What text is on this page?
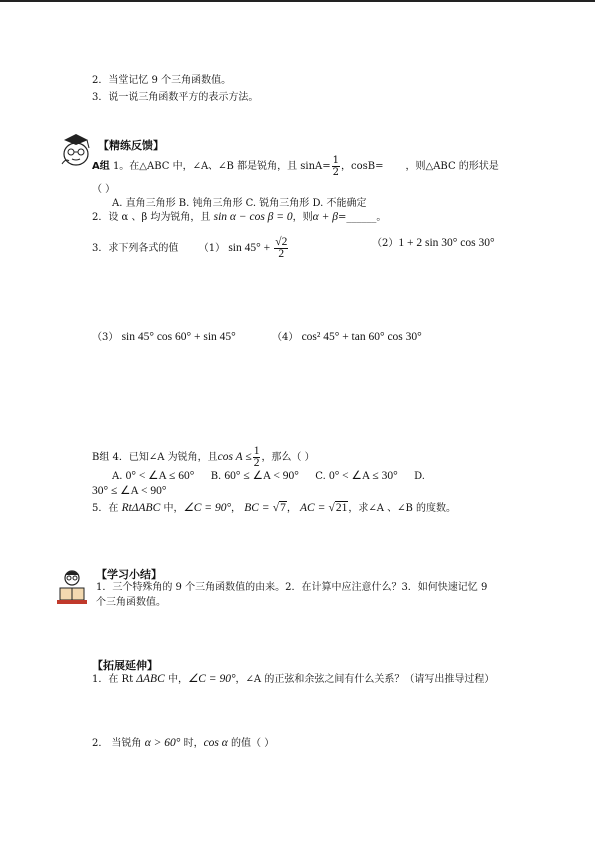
2．当堂记忆 9 个三角函数值。
3．说一说三角函数平方的表示方法。
【精练反馈】
A组 1。在△ABC 中，∠A、∠B 都是锐角，且 $\sin A= \frac{1}{2}$ ，cosB= ，则△ABC 的形状是
（ ）
A. 直角三角形 B. 钝角三角形 C. 锐角三角形 D. 不能确定
2．设 α 、β 均为锐角，且 sin α − cos β = 0，则α + β=______。
3．求下列各式的值 （1） $\sin 45^\circ + \frac{√2}{2}$	（2）1 + 2 sin 30° cos 30°
（3） sin 45° cos 60° + sin 45°	（4） cos² 45° + tan 60° cos 30°
B组 4．已知∠A 为锐角，且$\cos A \le \frac{1}{2}$ ，那么（ ）
A. 0° < ∠A ≤ 60° B. 60° ≤ ∠A < 90° C. 0° < ∠A ≤ 30° D.
30° ≤ ∠A < 90°
5．在 RtΔABC 中，∠C = 90°， BC = √7， AC = √21，求∠A 、∠B 的度数。
【学习小结】
1．三个特殊角的 9 个三角函数值的由来。2．在计算中应注意什么？3．如何快速记忆 9
个三角函数值。
【拓展延伸】
1．在 Rt ΔABC 中，∠C = 90°，∠A 的正弦和余弦之间有什么关系？（请写出推导过程）
2． 当锐角 α > 60° 时，cos α 的值（ ）
